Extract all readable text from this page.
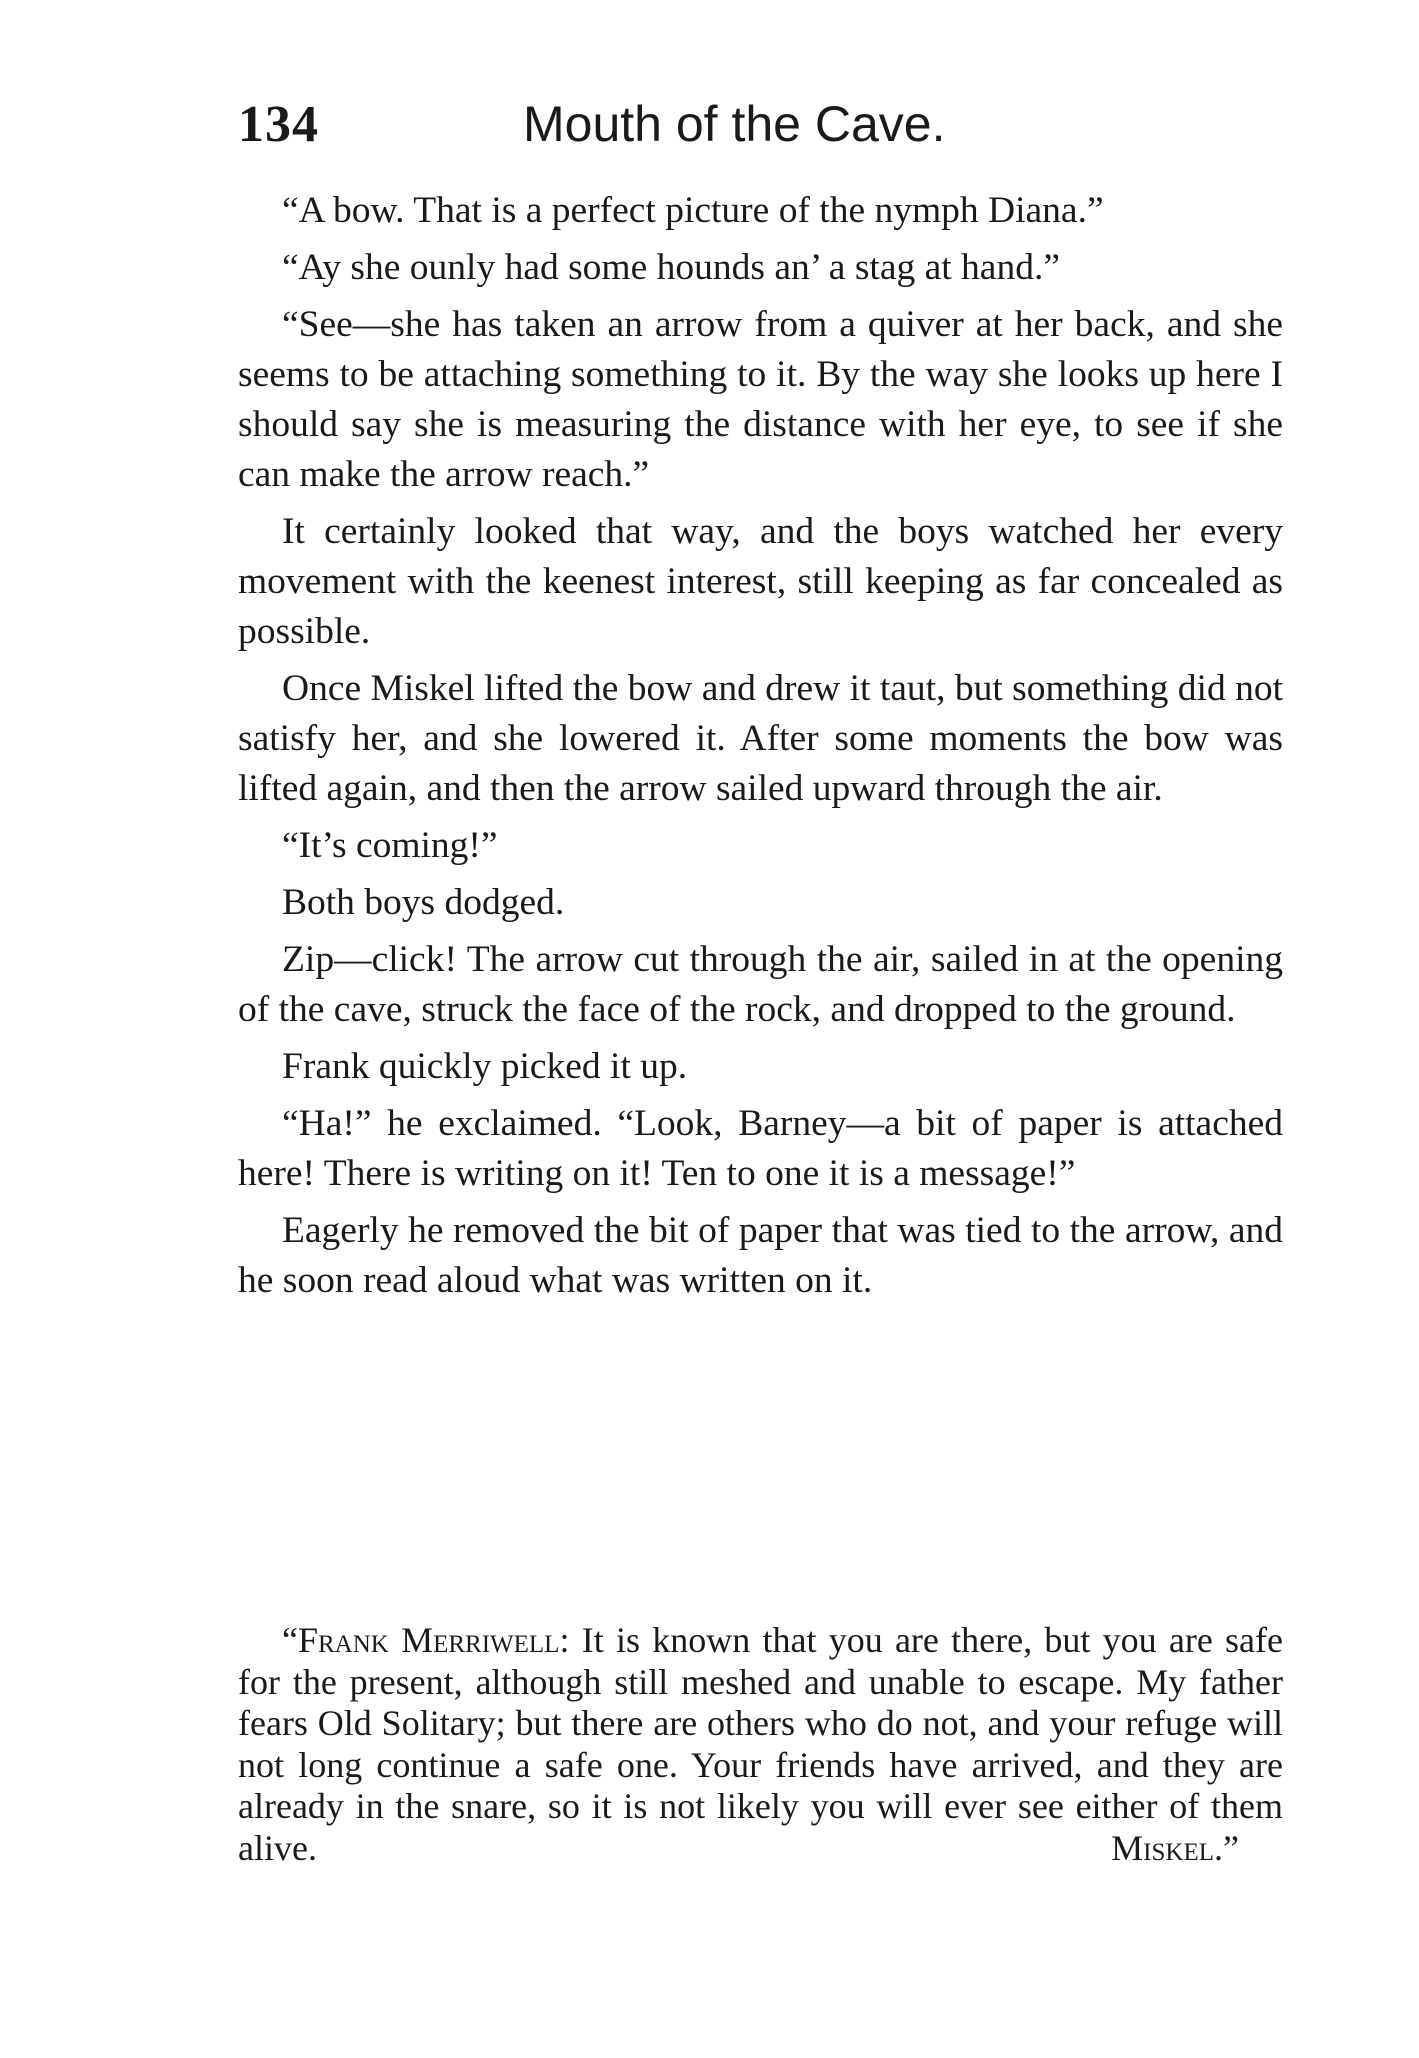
134	Mouth of the Cave.

“A bow. That is a perfect picture of the nymph Diana.”

“Ay she ounly had some hounds an’ a stag at hand.”

“See—she has taken an arrow from a quiver at her back, and she seems to be attaching something to it. By the way she looks up here I should say she is measuring the distance with her eye, to see if she can make the arrow reach.”

It certainly looked that way, and the boys watched her every movement with the keenest interest, still keeping as far concealed as possible.

Once Miskel lifted the bow and drew it taut, but something did not satisfy her, and she lowered it. After some moments the bow was lifted again, and then the arrow sailed upward through the air.

“It’s coming!”

Both boys dodged.

Zip—click! The arrow cut through the air, sailed in at the opening of the cave, struck the face of the rock, and dropped to the ground.

Frank quickly picked it up.

“Ha!” he exclaimed. “Look, Barney—a bit of paper is attached here! There is writing on it! Ten to one it is a message!”

Eagerly he removed the bit of paper that was tied to the arrow, and he soon read aloud what was written on it.

“Frank Merriwell: It is known that you are there, but you are safe for the present, although still meshed and unable to escape. My father fears Old Solitary; but there are others who do not, and your refuge will not long continue a safe one. Your friends have arrived, and they are already in the snare, so it is not likely you will ever see either of them alive.	Miskel.”
